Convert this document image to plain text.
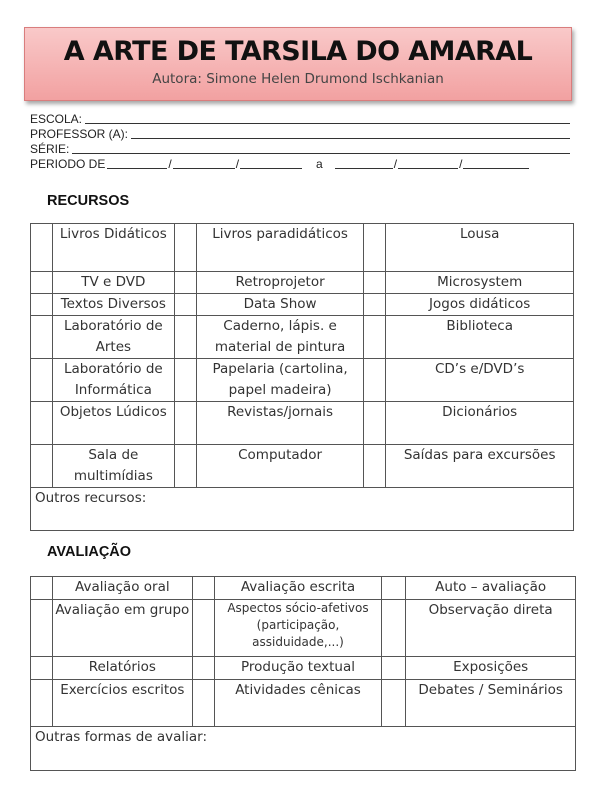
A ARTE DE TARSILA DO AMARAL
Autora: Simone Helen Drumond Ischkanian
ESCOLA:
PROFESSOR (A):
SÉRIE:
PERIODO DE	/	/	a	/	/
RECURSOS
	Livros Didáticos		Livros paradidáticos		Lousa
	TV e DVD		Retroprojetor		Microsystem
	Textos Diversos		Data Show		Jogos didáticos
	Laboratório de Artes		Caderno, lápis. e material de pintura		Biblioteca
	Laboratório de Informática		Papelaria (cartolina, papel madeira)		CD’s e/DVD’s
	Objetos Lúdicos		Revistas/jornais		Dicionários
	Sala de multimídias		Computador		Saídas para excursões
Outros recursos:					
AVALIAÇÃO
	Avaliação oral		Avaliação escrita		Auto – avaliação
	Avaliação em grupo		Aspectos sócio-afetivos (participação, assiduidade,...)		Observação direta
	Relatórios		Produção textual		Exposições
	Exercícios escritos		Atividades cênicas		Debates / Seminários
Outras formas de avaliar:					
